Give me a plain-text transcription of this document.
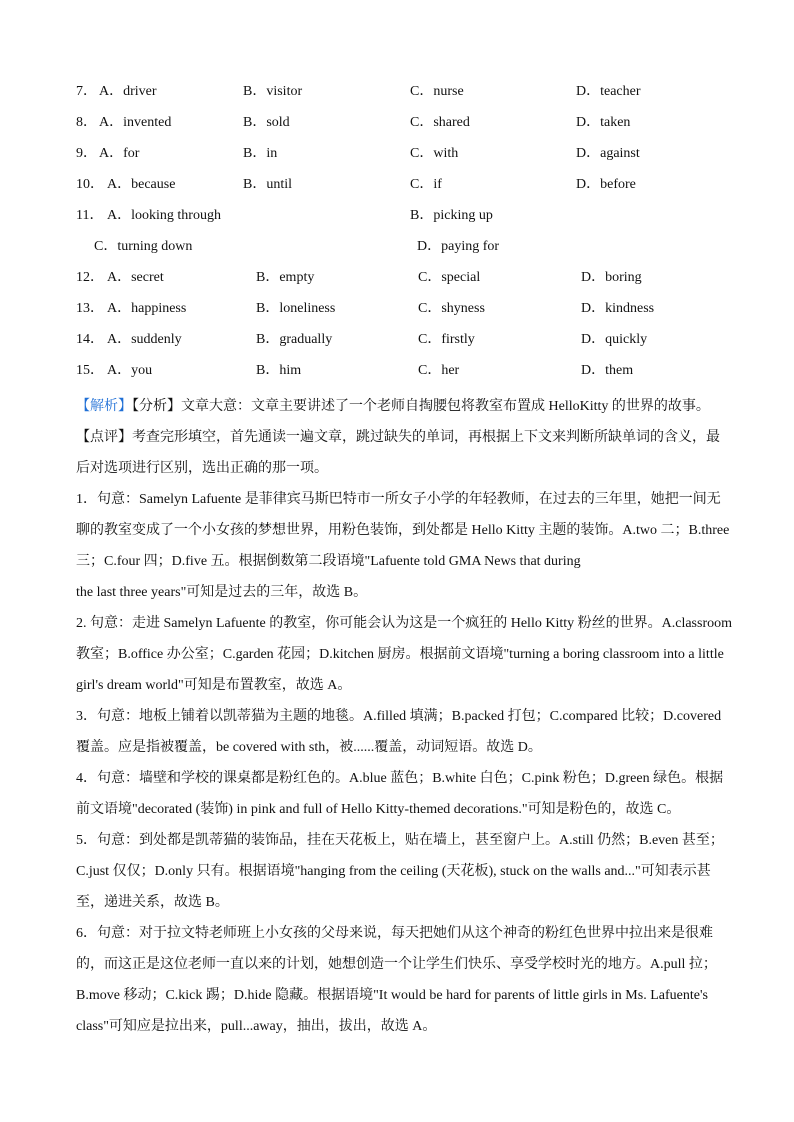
7． A．driver	B．visitor	C．nurse	D．teacher
8． A．invented	B．sold	C．shared	D．taken
9． A．for	B．in	C．with	D．against
10． A．because	B．until	C．if	D．before
11． A．looking through	B．picking up
C．turning down	D．paying for
12． A．secret	B．empty	C．special	D．boring
13． A．happiness	B．loneliness	C．shyness	D．kindness
14． A．suddenly	B．gradually	C．firstly	D．quickly
15． A．you	B．him	C．her	D．them
【解析】【分析】文章大意：文章主要讲述了一个老师自掏腰包将教室布置成 HelloKitty 的世界的故事。
【点评】考查完形填空，首先通读一遍文章，跳过缺失的单词，再根据上下文来判断所缺单词的含义，最
后对选项进行区别，选出正确的那一项。
1．句意：Samelyn Lafuente 是菲律宾马斯巴特市一所女子小学的年轻教师，在过去的三年里，她把一间无
聊的教室变成了一个小女孩的梦想世界，用粉色装饰，到处都是 Hello Kitty 主题的装饰。A.two 二；B.three
三；C.four 四；D.five 五。根据倒数第二段语境"Lafuente told GMA News that during
the last three years"可知是过去的三年，故选 B。
2. 句意：走进 Samelyn Lafuente 的教室，你可能会认为这是一个疯狂的 Hello Kitty 粉丝的世界。A.classroom
教室；B.office 办公室；C.garden 花园；D.kitchen 厨房。根据前文语境"turning a boring classroom into a little
girl's dream world"可知是布置教室，故选 A。
3．句意：地板上铺着以凯蒂猫为主题的地毯。A.filled 填满；B.packed 打包；C.compared 比较；D.covered
覆盖。应是指被覆盖，be covered with sth，被......覆盖，动词短语。故选 D。
4．句意：墙壁和学校的课桌都是粉红色的。A.blue 蓝色；B.white 白色；C.pink 粉色；D.green 绿色。根据
前文语境"decorated (装饰) in pink and full of Hello Kitty-themed decorations."可知是粉色的，故选 C。
5．句意：到处都是凯蒂猫的装饰品，挂在天花板上，贴在墙上，甚至窗户上。A.still 仍然；B.even 甚至；
C.just 仅仅；D.only 只有。根据语境"hanging from the ceiling (天花板), stuck on the walls and..."可知表示甚
至，递进关系，故选 B。
6．句意：对于拉文特老师班上小女孩的父母来说，每天把她们从这个神奇的粉红色世界中拉出来是很难
的，而这正是这位老师一直以来的计划，她想创造一个让学生们快乐、享受学校时光的地方。A.pull 拉；
B.move 移动；C.kick 踢；D.hide 隐藏。根据语境"It would be hard for parents of little girls in Ms. Lafuente's
class"可知应是拉出来，pull...away，抽出，拔出，故选 A。
